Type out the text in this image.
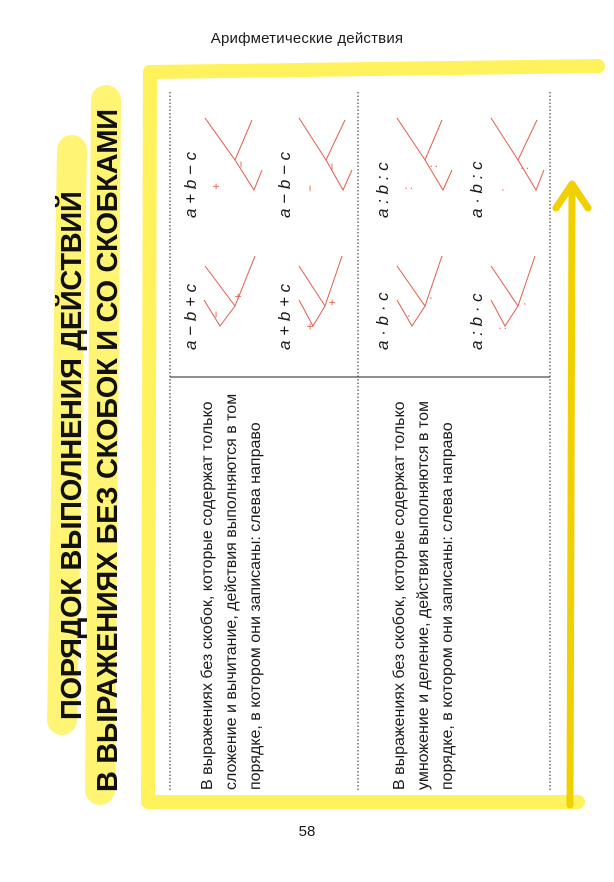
Арифметические действия
ПОРЯДОК ВЫПОЛНЕНИЯ ДЕЙСТВИЙ В ВЫРАЖЕНИЯХ БЕЗ СКОБОК И СО СКОБКАМИ	В выражениях без скобок, которые содержат только сложение и вычитание, действия выполняются в том порядке, в котором они записаны: слева направо	В выражениях без скобок, которые содержат только умножение и деление, действия выполняются в том порядке, в котором они записаны: слева направо
a − b + c
a + b − c
a + b + c
a − b − c
a · b · c
a : b : c
a : b · c
a · b : c
−
+
+
−
+
+
−
−
·
·
:
:
:
·
·
:
58
